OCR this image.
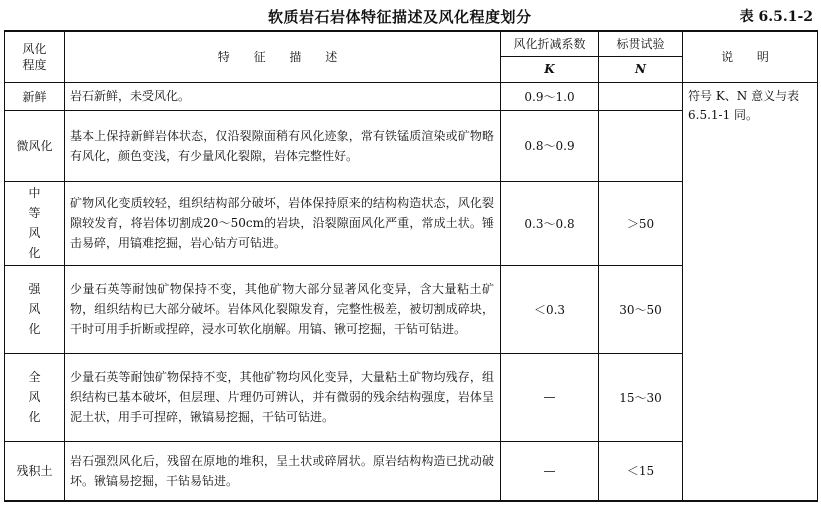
软质岩石岩体特征描述及风化程度划分	表 6.5.1-2
风化程度	特 征 描 述	风化折减系数	标贯试验	说 明
		K	N	
新鲜	岩石新鲜，未受风化。	0.9～1.0		符号 K、N 意义与表 6.5.1-1 同。
微风化	基本上保持新鲜岩体状态，仅沿裂隙面稍有风化迹象，常有铁锰质渲染或矿物略有风化，颜色变浅，有少量风化裂隙，岩体完整性好。	0.8～0.9		
中等风化	矿物风化变质较轻，组织结构部分破坏，岩体保持原来的结构构造状态，风化裂隙较发育，将岩体切割成20～50cm的岩块，沿裂隙面风化严重，常成土状。锤击易碎，用镐难挖掘，岩心钻方可钻进。	0.3～0.8	＞50	
强风化	少量石英等耐蚀矿物保持不变，其他矿物大部分显著风化变异，含大量粘土矿物，组织结构已大部分破坏。岩体风化裂隙发育，完整性极差，被切割成碎块，干时可用手折断或捏碎，浸水可软化崩解。用镐、锹可挖掘，干钻可钻进。	＜0.3	30～50	
全风化	少量石英等耐蚀矿物保持不变，其他矿物均风化变异，大量粘土矿物均残存，组织结构已基本破坏，但层理、片理仍可辨认，并有微弱的残余结构强度，岩体呈泥土状，用手可捏碎，锹镐易挖掘，干钻可钻进。	—	15～30	
残积土	岩石强烈风化后，残留在原地的堆积，呈土状或碎屑状。原岩结构构造已扰动破坏。锹镐易挖掘，干钻易钻进。	—	＜15	
